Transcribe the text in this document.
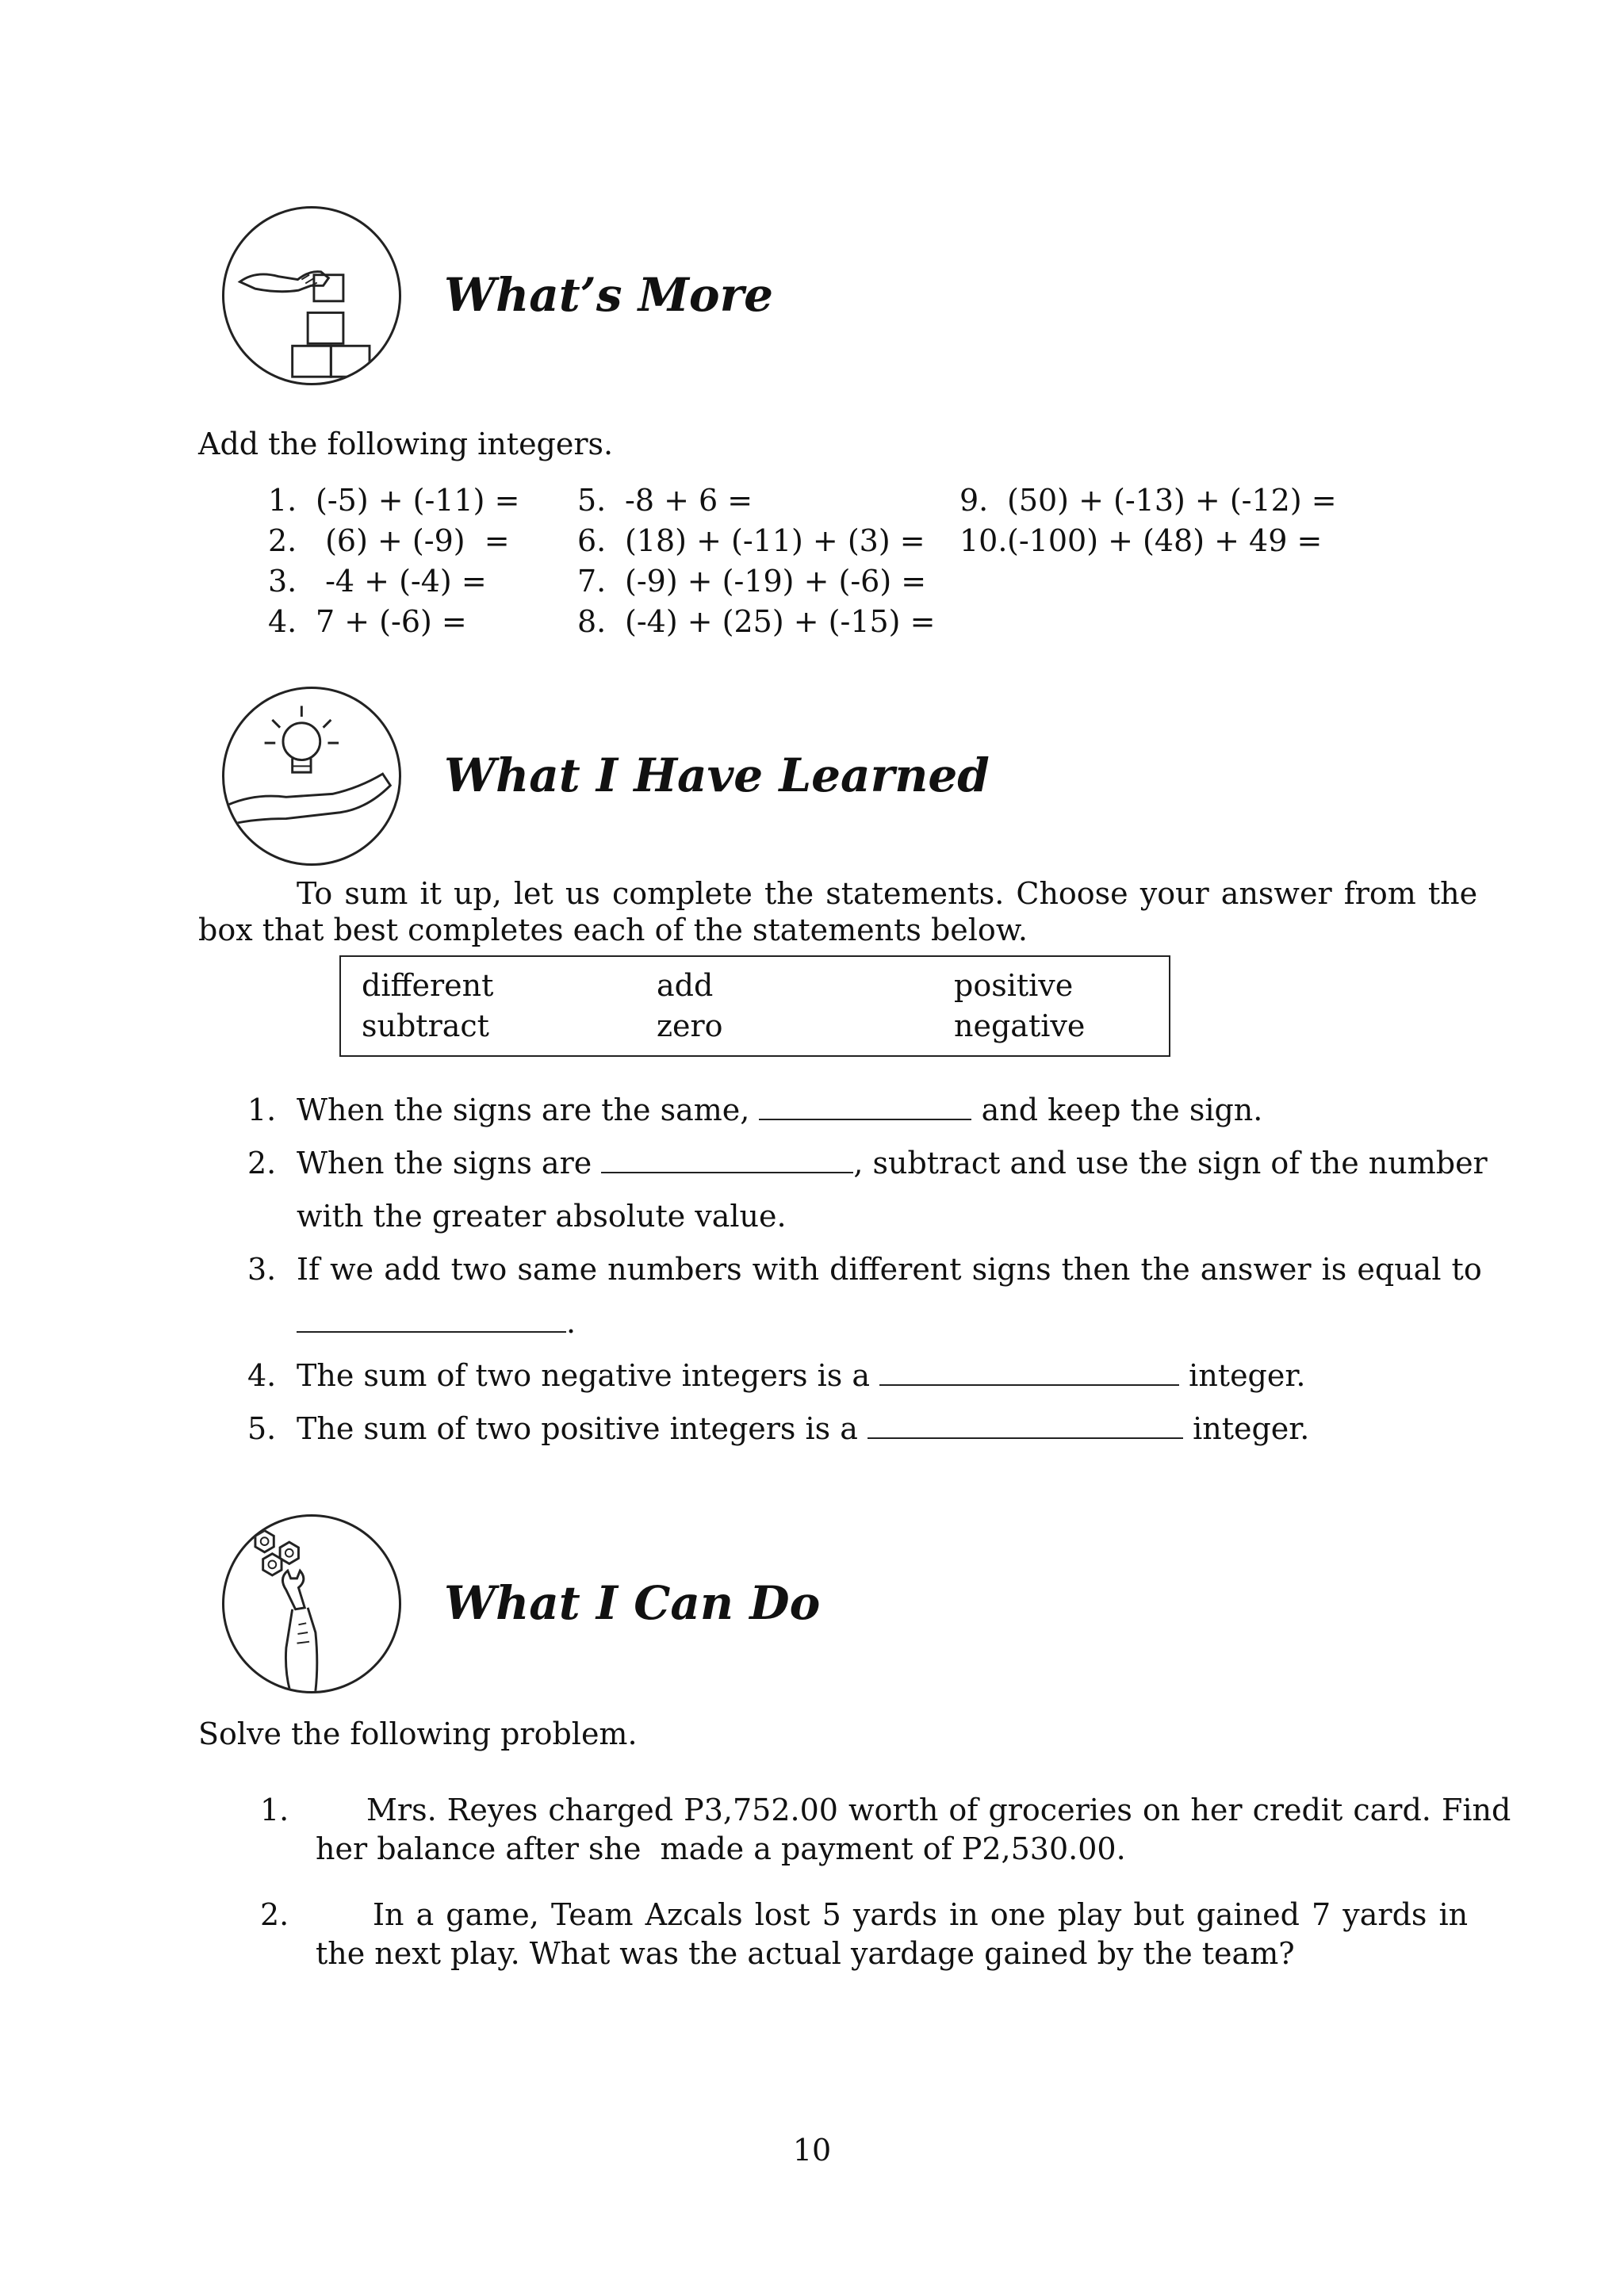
What’s More
Add the following integers.
1. (-5) + (-11) =
2. (6) + (-9)  =
3. -4 + (-4) =
4. 7 + (-6) =
5. -8 + 6 =
6. (18) + (-11) + (3) =
7. (-9) + (-19) + (-6) =
8. (-4) + (25) + (-15) =
9. (50) + (-13) + (-12) =
10. (-100) + (48) + 49 =
What I Have Learned
To sum it up, let us complete the statements. Choose your answer from the
box that best completes each of the statements below.
different	add	positive
subtract	zero	negative
1. When the signs are the same,	and keep the sign.
2. When the signs are	, subtract and use the sign of the number
with the greater absolute value.
3. If we add two same numbers with different signs then the answer is equal to
.
4. The sum of two negative integers is a	integer.
5. The sum of two positive integers is a	integer.
What I Can Do
Solve the following problem.
1.	Mrs. Reyes charged P3,752.00 worth of groceries on her credit card. Find
her balance after she  made a payment of P2,530.00.
2.	In a game, Team Azcals lost 5 yards in one play but gained 7 yards in
the next play. What was the actual yardage gained by the team?
10
